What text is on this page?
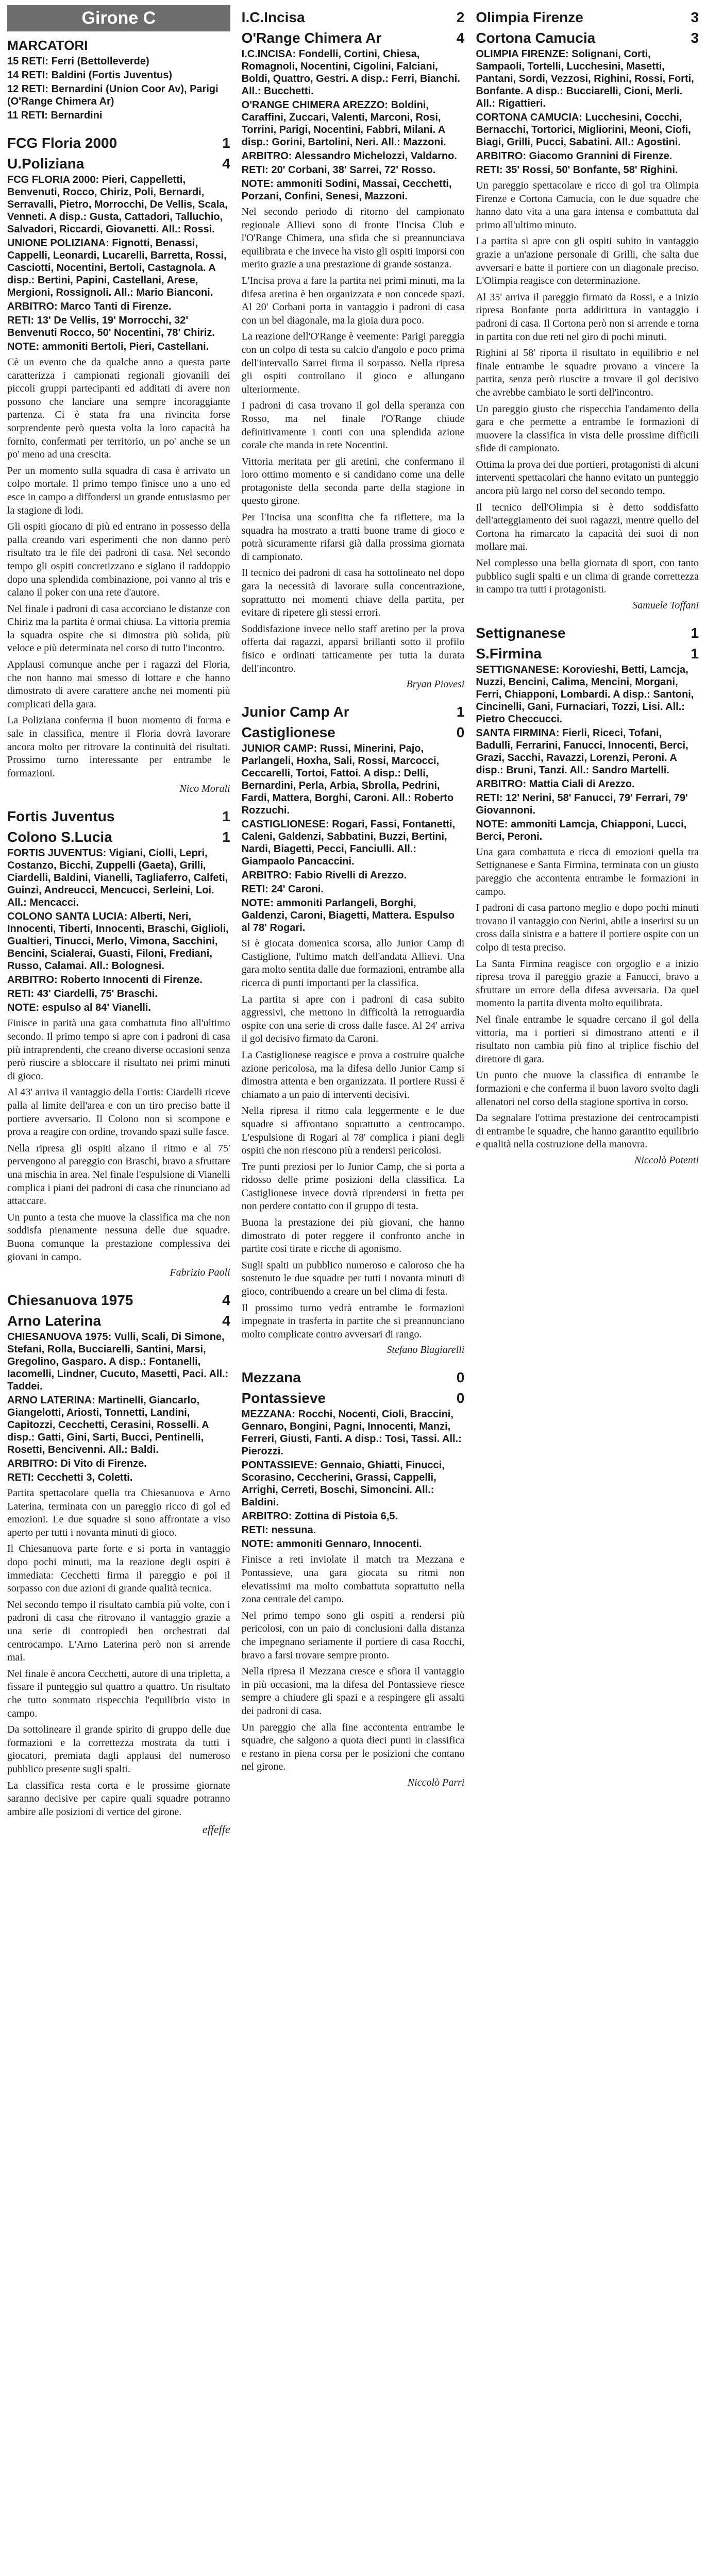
Girone C
MARCATORI
15 RETI: Ferri (Bettolleverde)
14 RETI: Baldini (Fortis Juventus)
12 RETI: Bernardini (Union Coor Av), Parigi (O'Range Chimera Ar)
11 RETI: Bernardini
FCG Floria 2000	1
U.Poliziana	4
FCG FLORIA 2000: Pieri, Cappelletti, Benvenuti, Rocco, Chiriz, Poli, Bernardi, Serravalli, Pietro, Morrocchi, De Vellis, Scala, Venneti. A disp.: Gusta, Cattadori, Talluchio, Salvadori, Riccardi, Giovanetti. All.: Rossi.
UNIONE POLIZIANA: Fignotti, Benassi, Cappelli, Leonardi, Lucarelli, Barretta, Rossi, Casciotti, Nocentini, Bertoli, Castagnola. A disp.: Bertini, Papini, Castellani, Arese, Mergioni, Rossignoli. All.: Mario Bianconi.
ARBITRO: Marco Tanti di Firenze.
RETI: 13' De Vellis, 19' Morrocchi, 32' Benvenuti Rocco, 50' Nocentini, 78' Chiriz.
NOTE: ammoniti Bertoli, Pieri, Castellani.

Cè un evento che da qualche anno a questa parte caratterizza i campionati regionali giovanili dei piccoli gruppi partecipanti ed additati di avere non possono che lanciare una sempre incoraggiante partenza. Ci è stata fra una rivincita forse sorprendente però questa volta la loro capacità ha fornito, confermati per territorio, un po' anche se un po' meno ad una crescita.

Per un momento sulla squadra di casa è arrivato un colpo mortale. Il primo tempo finisce uno a uno ed esce in campo a diffondersi un grande entusiasmo per la stagione di lodi.

Gli ospiti giocano di più ed entrano in possesso della palla creando vari esperimenti che non danno però risultato tra le file dei padroni di casa. Nel secondo tempo gli ospiti concretizzano e siglano il raddoppio dopo una splendida combinazione, poi vanno al tris e calano il poker con una rete d'autore.

Nel finale i padroni di casa accorciano le distanze con Chiriz ma la partita è ormai chiusa. La vittoria premia la squadra ospite che si dimostra più solida, più veloce e più determinata nel corso di tutto l'incontro.

Applausi comunque anche per i ragazzi del Floria, che non hanno mai smesso di lottare e che hanno dimostrato di avere carattere anche nei momenti più complicati della gara.

La Poliziana conferma il buon momento di forma e sale in classifica, mentre il Floria dovrà lavorare ancora molto per ritrovare la continuità dei risultati. Prossimo turno interessante per entrambe le formazioni.

Nico Morali
Fortis Juventus	1
Colono S.Lucia	1
FORTIS JUVENTUS: Vigiani, Ciolli, Lepri, Costanzo, Bicchi, Zuppelli (Gaeta), Grilli, Ciardelli, Baldini, Vianelli, Tagliaferro, Calfeti, Guinzi, Andreucci, Mencucci, Serleini, Loi. All.: Mencacci.
COLONO SANTA LUCIA: Alberti, Neri, Innocenti, Tiberti, Innocenti, Braschi, Giglioli, Gualtieri, Tinucci, Merlo, Vimona, Sacchini, Bencini, Scialerai, Guasti, Filoni, Frediani, Russo, Calamai. All.: Bolognesi.
ARBITRO: Roberto Innocenti di Firenze.
RETI: 43' Ciardelli, 75' Braschi.
NOTE: espulso al 84' Vianelli.

Finisce in parità una gara combattuta fino all'ultimo secondo. Il primo tempo si apre con i padroni di casa più intraprendenti, che creano diverse occasioni senza però riuscire a sbloccare il risultato nei primi minuti di gioco.

Al 43' arriva il vantaggio della Fortis: Ciardelli riceve palla al limite dell'area e con un tiro preciso batte il portiere avversario. Il Colono non si scompone e prova a reagire con ordine, trovando spazi sulle fasce.

Nella ripresa gli ospiti alzano il ritmo e al 75' pervengono al pareggio con Braschi, bravo a sfruttare una mischia in area. Nel finale l'espulsione di Vianelli complica i piani dei padroni di casa che rinunciano ad attaccare.

Un punto a testa che muove la classifica ma che non soddisfa pienamente nessuna delle due squadre. Buona comunque la prestazione complessiva dei giovani in campo.

Fabrizio Paoli
Chiesanuova 1975	4
Arno Laterina	4
CHIESANUOVA 1975: Vulli, Scali, Di Simone, Stefani, Rolla, Bucciarelli, Santini, Marsi, Gregolino, Gasparo. A disp.: Fontanelli, Iacomelli, Lindner, Cucuto, Masetti, Paci. All.: Taddei.
ARNO LATERINA: Martinelli, Giancarlo, Giangelotti, Ariosti, Tonnetti, Landini, Capitozzi, Cecchetti, Cerasini, Rosselli. A disp.: Gatti, Gini, Sarti, Bucci, Pentinelli, Rosetti, Bencivenni. All.: Baldi.
ARBITRO: Di Vito di Firenze.
RETI: Cecchetti 3, Coletti.

Partita spettacolare quella tra Chiesanuova e Arno Laterina, terminata con un pareggio ricco di gol ed emozioni. Le due squadre si sono affrontate a viso aperto per tutti i novanta minuti di gioco.

Il Chiesanuova parte forte e si porta in vantaggio dopo pochi minuti, ma la reazione degli ospiti è immediata: Cecchetti firma il pareggio e poi il sorpasso con due azioni di grande qualità tecnica.

Nel secondo tempo il risultato cambia più volte, con i padroni di casa che ritrovano il vantaggio grazie a una serie di contropiedi ben orchestrati dal centrocampo. L'Arno Laterina però non si arrende mai.

Nel finale è ancora Cecchetti, autore di una tripletta, a fissare il punteggio sul quattro a quattro. Un risultato che tutto sommato rispecchia l'equilibrio visto in campo.

Da sottolineare il grande spirito di gruppo delle due formazioni e la correttezza mostrata da tutti i giocatori, premiata dagli applausi del numeroso pubblico presente sugli spalti.

La classifica resta corta e le prossime giornate saranno decisive per capire quali squadre potranno ambire alle posizioni di vertice del girone.

effeffe
I.C.Incisa	2
O'Range Chimera Ar	4
I.C.INCISA: Fondelli, Cortini, Chiesa, Romagnoli, Nocentini, Cigolini, Falciani, Boldi, Quattro, Gestri. A disp.: Ferri, Bianchi. All.: Bucchetti.
O'RANGE CHIMERA AREZZO: Boldini, Caraffini, Zuccari, Valenti, Marconi, Rosi, Torrini, Parigi, Nocentini, Fabbri, Milani. A disp.: Gorini, Bartolini, Neri. All.: Mazzoni.
ARBITRO: Alessandro Michelozzi, Valdarno.
RETI: 20' Corbani, 38' Sarrei, 72' Rosso.
NOTE: ammoniti Sodini, Massai, Cecchetti, Porzani, Confini, Senesi, Mazzoni.

Nel secondo periodo di ritorno del campionato regionale Allievi sono di fronte l'Incisa Club e l'O'Range Chimera, una sfida che si preannunciava equilibrata e che invece ha visto gli ospiti imporsi con merito grazie a una prestazione di grande sostanza.

L'Incisa prova a fare la partita nei primi minuti, ma la difesa aretina è ben organizzata e non concede spazi. Al 20' Corbani porta in vantaggio i padroni di casa con un bel diagonale, ma la gioia dura poco.

La reazione dell'O'Range è veemente: Parigi pareggia con un colpo di testa su calcio d'angolo e poco prima dell'intervallo Sarrei firma il sorpasso. Nella ripresa gli ospiti controllano il gioco e allungano ulteriormente.

I padroni di casa trovano il gol della speranza con Rosso, ma nel finale l'O'Range chiude definitivamente i conti con una splendida azione corale che manda in rete Nocentini.

Vittoria meritata per gli aretini, che confermano il loro ottimo momento e si candidano come una delle protagoniste della seconda parte della stagione in questo girone.

Per l'Incisa una sconfitta che fa riflettere, ma la squadra ha mostrato a tratti buone trame di gioco e potrà sicuramente rifarsi già dalla prossima giornata di campionato.

Il tecnico dei padroni di casa ha sottolineato nel dopo gara la necessità di lavorare sulla concentrazione, soprattutto nei momenti chiave della partita, per evitare di ripetere gli stessi errori.

Soddisfazione invece nello staff aretino per la prova offerta dai ragazzi, apparsi brillanti sotto il profilo fisico e ordinati tatticamente per tutta la durata dell'incontro.

Bryan Piovesi
Junior Camp Ar	1
Castiglionese	0
JUNIOR CAMP: Russi, Minerini, Pajo, Parlangeli, Hoxha, Sali, Rossi, Marcocci, Ceccarelli, Tortoi, Fattoi. A disp.: Delli, Bernardini, Perla, Arbia, Sbrolla, Pedrini, Fardi, Mattera, Borghi, Caroni. All.: Roberto Rozzuchi.
CASTIGLIONESE: Rogari, Fassi, Fontanetti, Caleni, Galdenzi, Sabbatini, Buzzi, Bertini, Nardi, Biagetti, Pecci, Fanciulli. All.: Giampaolo Pancaccini.
ARBITRO: Fabio Rivelli di Arezzo.
RETI: 24' Caroni.
NOTE: ammoniti Parlangeli, Borghi, Galdenzi, Caroni, Biagetti, Mattera. Espulso al 78' Rogari.

Si è giocata domenica scorsa, allo Junior Camp di Castiglione, l'ultimo match dell'andata Allievi. Una gara molto sentita dalle due formazioni, entrambe alla ricerca di punti importanti per la classifica.

La partita si apre con i padroni di casa subito aggressivi, che mettono in difficoltà la retroguardia ospite con una serie di cross dalle fasce. Al 24' arriva il gol decisivo firmato da Caroni.

La Castiglionese reagisce e prova a costruire qualche azione pericolosa, ma la difesa dello Junior Camp si dimostra attenta e ben organizzata. Il portiere Russi è chiamato a un paio di interventi decisivi.

Nella ripresa il ritmo cala leggermente e le due squadre si affrontano soprattutto a centrocampo. L'espulsione di Rogari al 78' complica i piani degli ospiti che non riescono più a rendersi pericolosi.

Tre punti preziosi per lo Junior Camp, che si porta a ridosso delle prime posizioni della classifica. La Castiglionese invece dovrà riprendersi in fretta per non perdere contatto con il gruppo di testa.

Buona la prestazione dei più giovani, che hanno dimostrato di poter reggere il confronto anche in partite così tirate e ricche di agonismo.

Sugli spalti un pubblico numeroso e caloroso che ha sostenuto le due squadre per tutti i novanta minuti di gioco, contribuendo a creare un bel clima di festa.

Il prossimo turno vedrà entrambe le formazioni impegnate in trasferta in partite che si preannunciano molto complicate contro avversari di rango.

Stefano Biagiarelli
Mezzana	0
Pontassieve	0
MEZZANA: Rocchi, Nocenti, Cioli, Braccini, Gennaro, Bongini, Pagni, Innocenti, Manzi, Ferreri, Giusti, Fanti. A disp.: Tosi, Tassi. All.: Pierozzi.
PONTASSIEVE: Gennaio, Ghiatti, Finucci, Scorasino, Ceccherini, Grassi, Cappelli, Arrighi, Cerreti, Boschi, Simoncini. All.: Baldini.
ARBITRO: Zottina di Pistoia 6,5.
RETI: nessuna.
NOTE: ammoniti Gennaro, Innocenti.

Finisce a reti inviolate il match tra Mezzana e Pontassieve, una gara giocata su ritmi non elevatissimi ma molto combattuta soprattutto nella zona centrale del campo.

Nel primo tempo sono gli ospiti a rendersi più pericolosi, con un paio di conclusioni dalla distanza che impegnano seriamente il portiere di casa Rocchi, bravo a farsi trovare sempre pronto.

Nella ripresa il Mezzana cresce e sfiora il vantaggio in più occasioni, ma la difesa del Pontassieve riesce sempre a chiudere gli spazi e a respingere gli assalti dei padroni di casa.

Un pareggio che alla fine accontenta entrambe le squadre, che salgono a quota dieci punti in classifica e restano in piena corsa per le posizioni che contano nel girone.

Niccolò Parri
Olimpia Firenze	3
Cortona Camucia	3
OLIMPIA FIRENZE: Solignani, Corti, Sampaoli, Tortelli, Lucchesini, Masetti, Pantani, Sordi, Vezzosi, Righini, Rossi, Forti, Bonfante. A disp.: Bucciarelli, Cioni, Merli. All.: Rigattieri.
CORTONA CAMUCIA: Lucchesini, Cocchi, Bernacchi, Tortorici, Migliorini, Meoni, Ciofi, Biagi, Grilli, Pucci, Sabatini. All.: Agostini.
ARBITRO: Giacomo Grannini di Firenze.
RETI: 35' Rossi, 50' Bonfante, 58' Righini.

Un pareggio spettacolare e ricco di gol tra Olimpia Firenze e Cortona Camucia, con le due squadre che hanno dato vita a una gara intensa e combattuta dal primo all'ultimo minuto.

La partita si apre con gli ospiti subito in vantaggio grazie a un'azione personale di Grilli, che salta due avversari e batte il portiere con un diagonale preciso. L'Olimpia reagisce con determinazione.

Al 35' arriva il pareggio firmato da Rossi, e a inizio ripresa Bonfante porta addirittura in vantaggio i padroni di casa. Il Cortona però non si arrende e torna in partita con due reti nel giro di pochi minuti.

Righini al 58' riporta il risultato in equilibrio e nel finale entrambe le squadre provano a vincere la partita, senza però riuscire a trovare il gol decisivo che avrebbe cambiato le sorti dell'incontro.

Un pareggio giusto che rispecchia l'andamento della gara e che permette a entrambe le formazioni di muovere la classifica in vista delle prossime difficili sfide di campionato.

Ottima la prova dei due portieri, protagonisti di alcuni interventi spettacolari che hanno evitato un punteggio ancora più largo nel corso del secondo tempo.

Il tecnico dell'Olimpia si è detto soddisfatto dell'atteggiamento dei suoi ragazzi, mentre quello del Cortona ha rimarcato la capacità dei suoi di non mollare mai.

Nel complesso una bella giornata di sport, con tanto pubblico sugli spalti e un clima di grande correttezza in campo tra tutti i protagonisti.

Samuele Toffani
Settignanese	1
S.Firmina	1
SETTIGNANESE: Korovieshi, Betti, Lamcja, Nuzzi, Bencini, Calima, Mencini, Morgani, Ferri, Chiapponi, Lombardi. A disp.: Santoni, Cincinelli, Gani, Furnaciari, Tozzi, Lisi. All.: Pietro Checcucci.
SANTA FIRMINA: Fierli, Riceci, Tofani, Badulli, Ferrarini, Fanucci, Innocenti, Berci, Grazi, Sacchi, Ravazzi, Lorenzi, Peroni. A disp.: Bruni, Tanzi. All.: Sandro Martelli.
ARBITRO: Mattia Ciali di Arezzo.
RETI: 12' Nerini, 58' Fanucci, 79' Ferrari, 79' Giovannoni.
NOTE: ammoniti Lamcja, Chiapponi, Lucci, Berci, Peroni.

Una gara combattuta e ricca di emozioni quella tra Settignanese e Santa Firmina, terminata con un giusto pareggio che accontenta entrambe le formazioni in campo.

I padroni di casa partono meglio e dopo pochi minuti trovano il vantaggio con Nerini, abile a inserirsi su un cross dalla sinistra e a battere il portiere ospite con un colpo di testa preciso.

La Santa Firmina reagisce con orgoglio e a inizio ripresa trova il pareggio grazie a Fanucci, bravo a sfruttare un errore della difesa avversaria. Da quel momento la partita diventa molto equilibrata.

Nel finale entrambe le squadre cercano il gol della vittoria, ma i portieri si dimostrano attenti e il risultato non cambia più fino al triplice fischio del direttore di gara.

Un punto che muove la classifica di entrambe le formazioni e che conferma il buon lavoro svolto dagli allenatori nel corso della stagione sportiva in corso.

Da segnalare l'ottima prestazione dei centrocampisti di entrambe le squadre, che hanno garantito equilibrio e qualità nella costruzione della manovra.

Niccolò Potenti
